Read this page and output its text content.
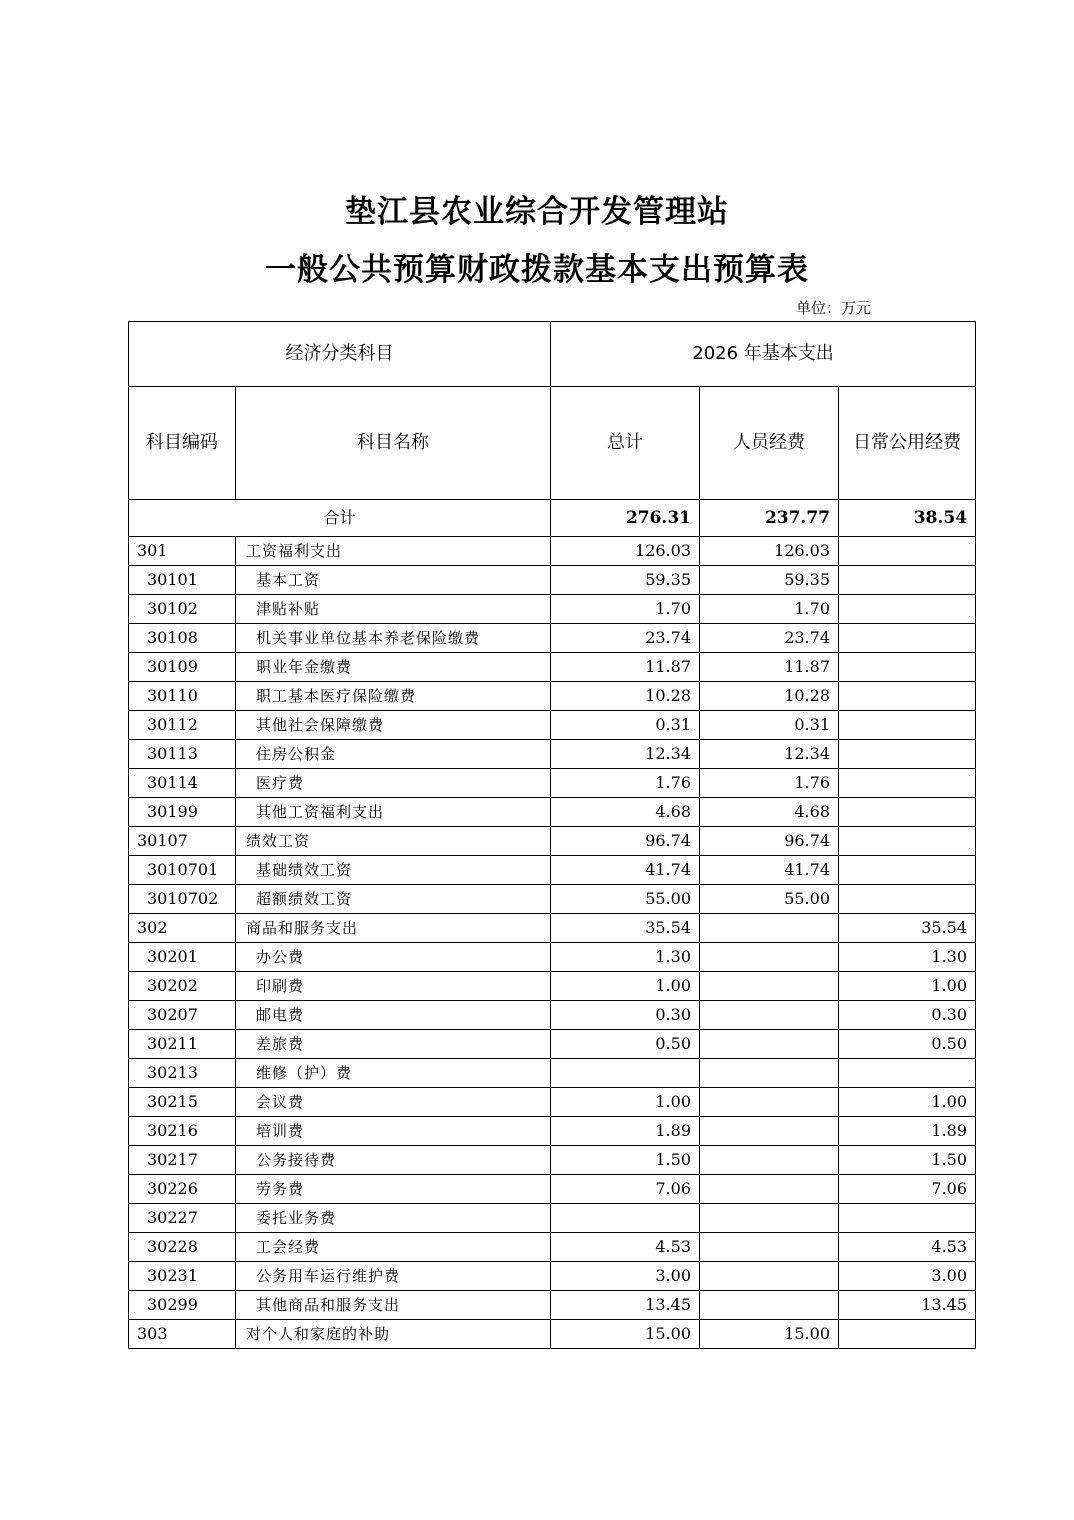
垫江县农业综合开发管理站
一般公共预算财政拨款基本支出预算表
单位：万元
经济分类科目		2026 年基本支出		
科目编码	科目名称	总计	人员经费	日常公用经费

合计		276.31	237.77	38.54
301	工资福利支出	126.03	126.03	
30101	基本工资	59.35	59.35	
30102	津贴补贴	1.70	1.70	
30108	机关事业单位基本养老保险缴费	23.74	23.74	
30109	职业年金缴费	11.87	11.87	
30110	职工基本医疗保险缴费	10.28	10.28	
30112	其他社会保障缴费	0.31	0.31	
30113	住房公积金	12.34	12.34	
30114	医疗费	1.76	1.76	
30199	其他工资福利支出	4.68	4.68	
30107	绩效工资	96.74	96.74	
3010701	基础绩效工资	41.74	41.74	
3010702	超额绩效工资	55.00	55.00	
302	商品和服务支出	35.54		35.54
30201	办公费	1.30		1.30
30202	印刷费	1.00		1.00
30207	邮电费	0.30		0.30
30211	差旅费	0.50		0.50
30213	维修（护）费			
30215	会议费	1.00		1.00
30216	培训费	1.89		1.89
30217	公务接待费	1.50		1.50
30226	劳务费	7.06		7.06
30227	委托业务费			
30228	工会经费	4.53		4.53
30231	公务用车运行维护费	3.00		3.00
30299	其他商品和服务支出	13.45		13.45
303	对个人和家庭的补助	15.00	15.00	
